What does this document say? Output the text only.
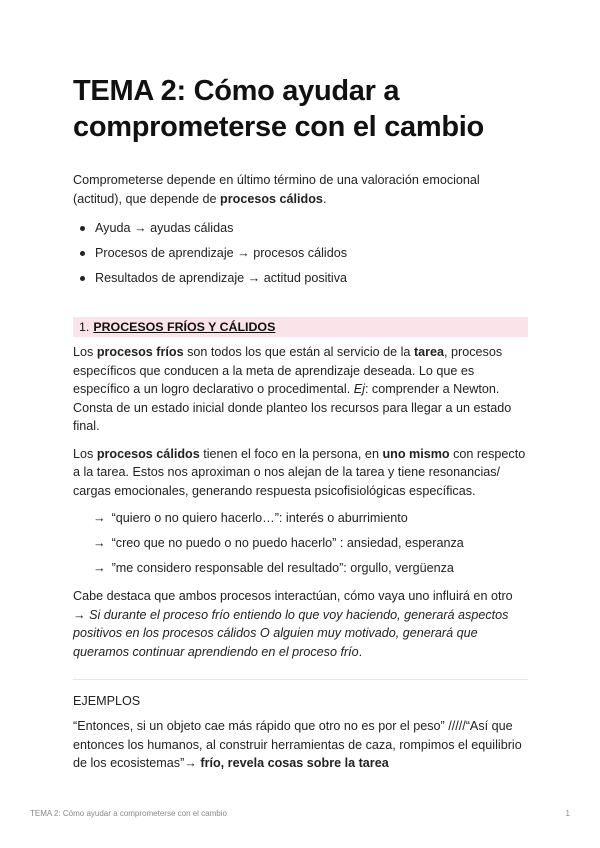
TEMA 2: Cómo ayudar a comprometerse con el cambio

Comprometerse depende en último término de una valoración emocional (actitud), que depende de procesos cálidos.

Ayuda → ayudas cálidas
Procesos de aprendizaje → procesos cálidos
Resultados de aprendizaje → actitud positiva
1. PROCESOS FRÍOS Y CÁLIDOS

Los procesos fríos son todos los que están al servicio de la tarea, procesos específicos que conducen a la meta de aprendizaje deseada. Lo que es específico a un logro declarativo o procedimental. Ej: comprender a Newton. Consta de un estado inicial donde planteo los recursos para llegar a un estado final.

Los procesos cálidos tienen el foco en la persona, en uno mismo con respecto a la tarea. Estos nos aproximan o nos alejan de la tarea y tiene resonancias/ cargas emocionales, generando respuesta psicofisiológicas específicas.

→ “quiero o no quiero hacerlo…”: interés o aburrimiento
→ “creo que no puedo o no puedo hacerlo” : ansiedad, esperanza
→ ”me considero responsable del resultado”: orgullo, vergüenza

Cabe destaca que ambos procesos interactúan, cómo vaya uno influirá en otro → Si durante el proceso frío entiendo lo que voy haciendo, generará aspectos positivos en los procesos cálidos O alguien muy motivado, generará que queramos continuar aprendiendo en el proceso frío.

EJEMPLOS

“Entonces, si un objeto cae más rápido que otro no es por el peso” /////“Así que entonces los humanos, al construir herramientas de caza, rompimos el equilibrio de los ecosistemas”→ frío, revela cosas sobre la tarea

TEMA 2: Cómo ayudar a comprometerse con el cambio	1
